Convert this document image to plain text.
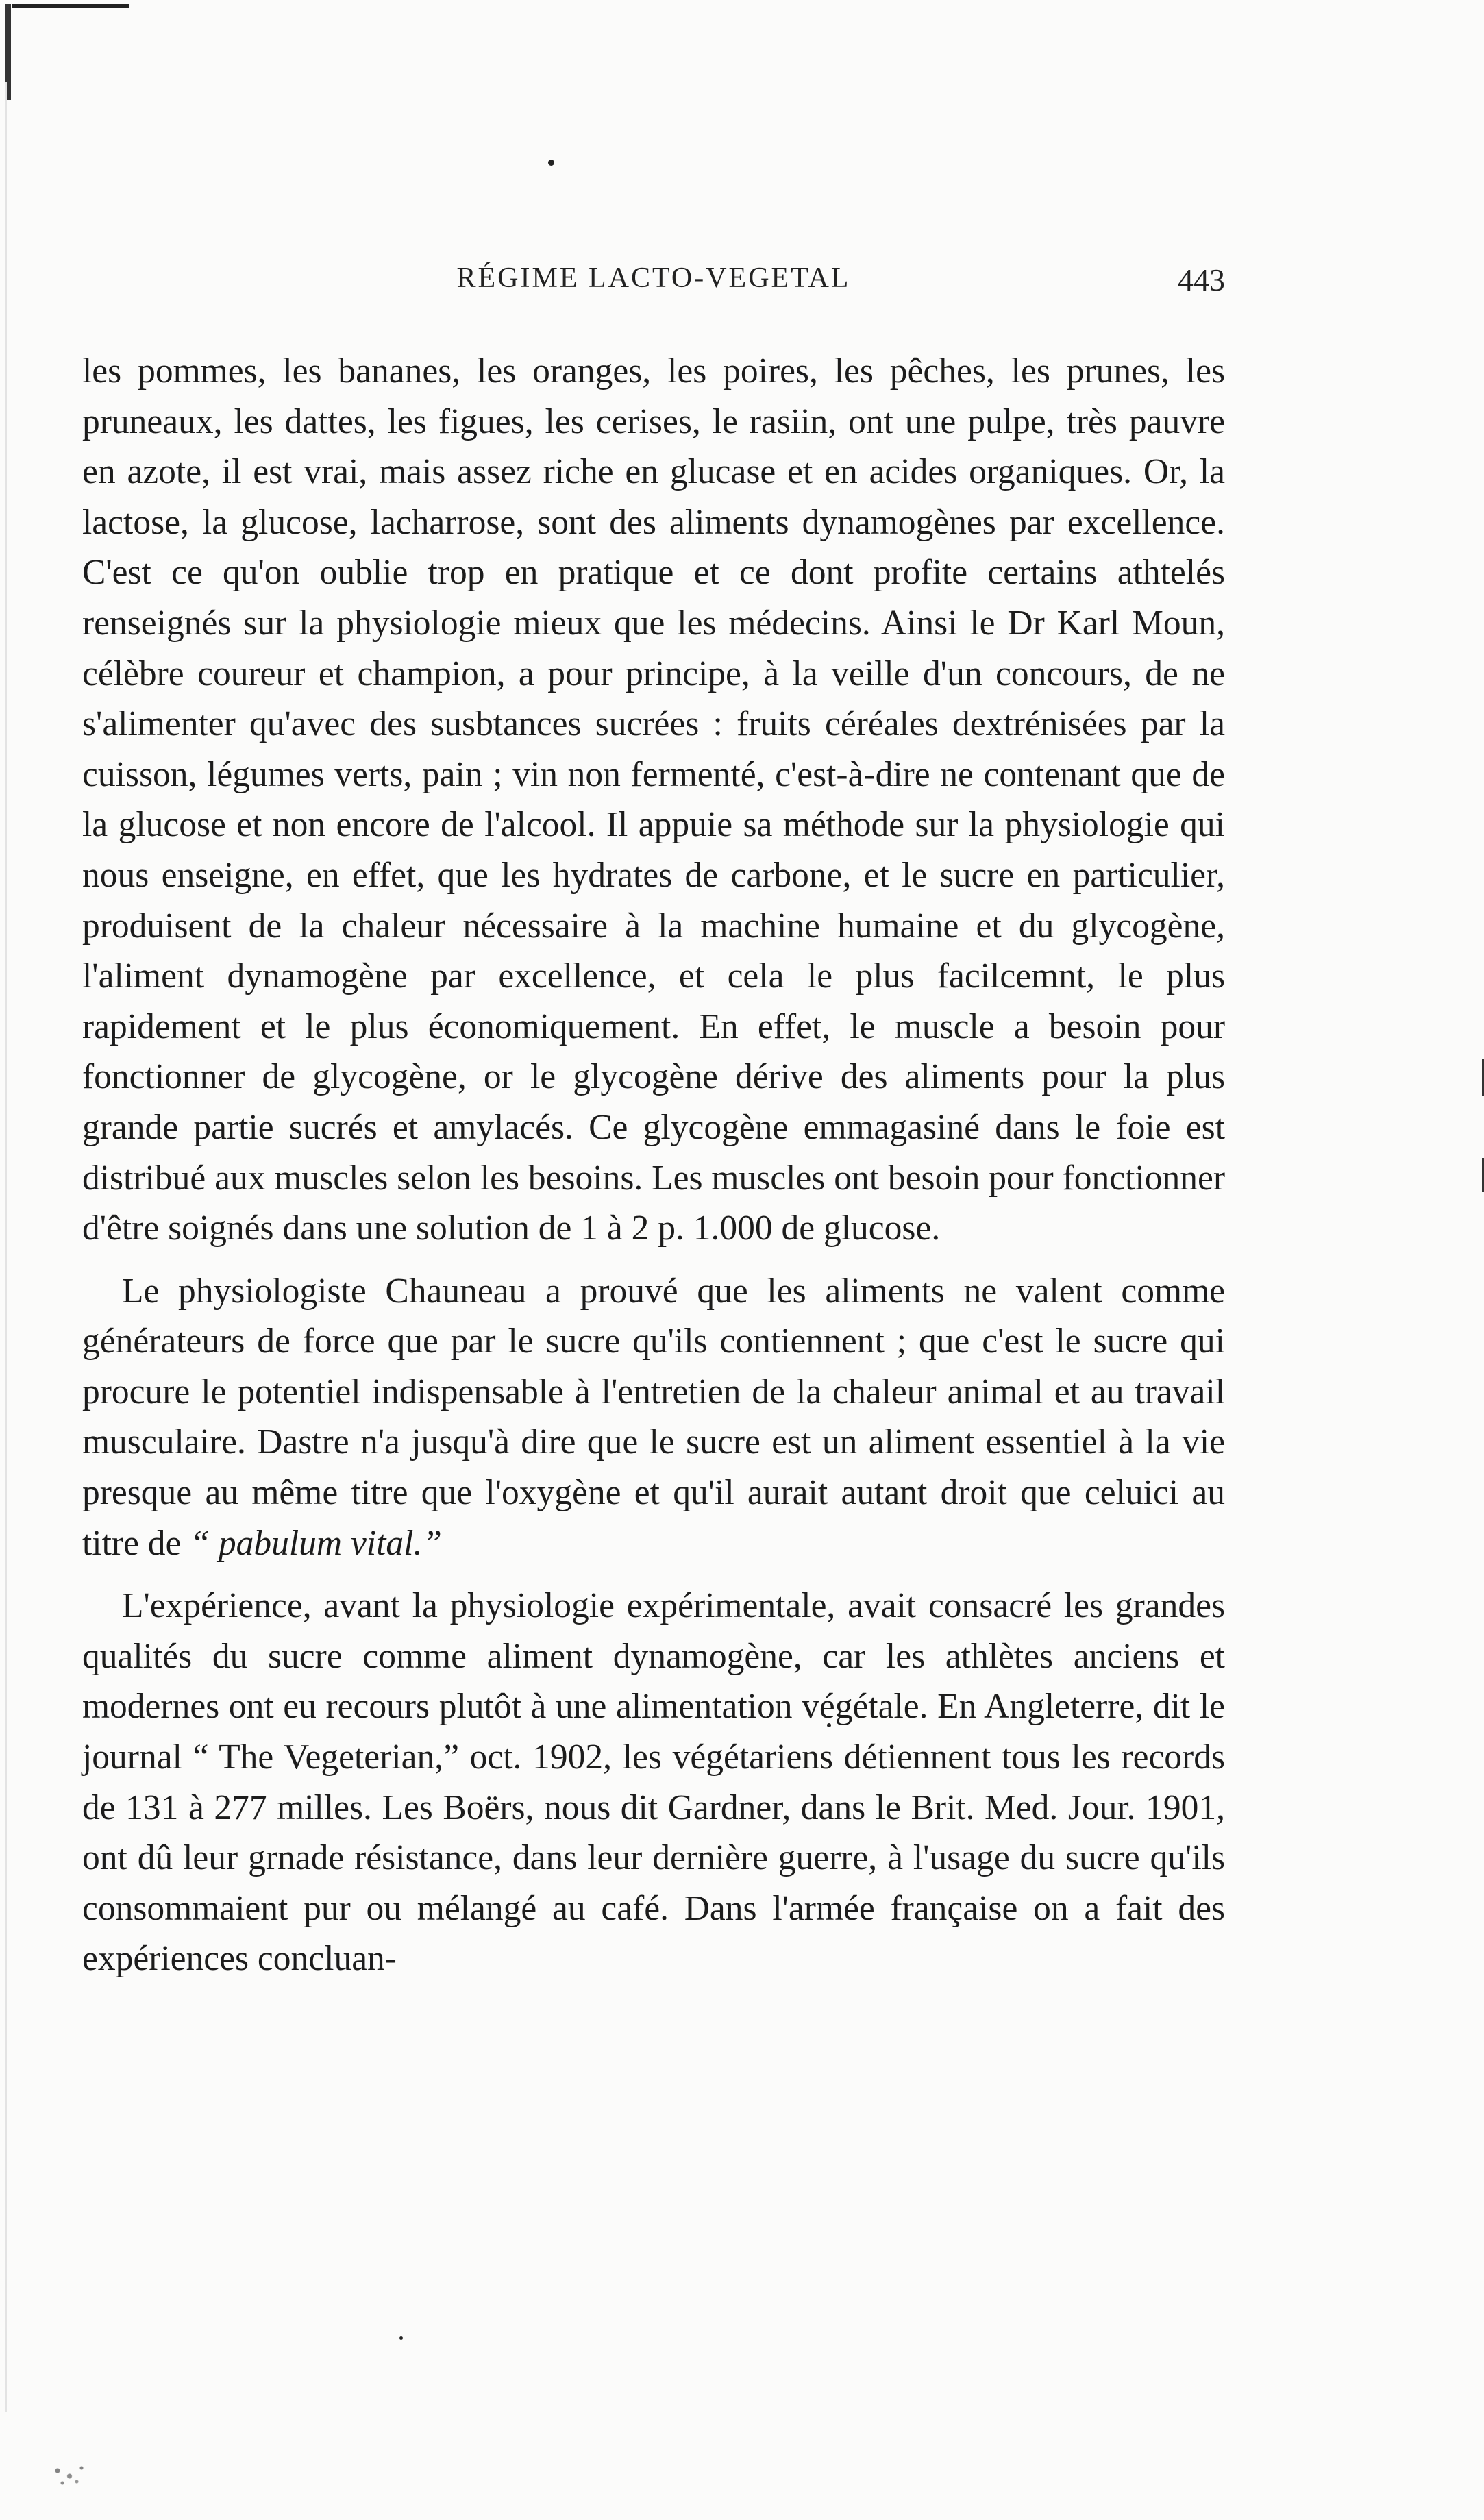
RÉGIME LACTO-VEGETAL	443

les pommes, les bananes, les oranges, les poires, les pêches, les prunes, les pruneaux, les dattes, les figues, les cerises, le rasiin, ont une pulpe, très pauvre en azote, il est vrai, mais assez riche en glucase et en acides organiques. Or, la lactose, la glucose, lacharrose, sont des aliments dynamogènes par excellence. C'est ce qu'on oublie trop en pratique et ce dont profite certains athtelés renseignés sur la physiologie mieux que les médecins. Ainsi le Dr Karl Moun, célèbre coureur et champion, a pour principe, à la veille d'un concours, de ne s'alimenter qu'avec des susbtances sucrées : fruits céréales dextrénisées par la cuisson, légumes verts, pain ; vin non fermenté, c'est-à-dire ne contenant que de la glucose et non encore de l'alcool. Il appuie sa méthode sur la physiologie qui nous enseigne, en effet, que les hydrates de carbone, et le sucre en particulier, produisent de la chaleur nécessaire à la machine humaine et du glycogène, l'aliment dynamogène par excellence, et cela le plus facilcemnt, le plus rapidement et le plus économiquement. En effet, le muscle a besoin pour fonctionner de glycogène, or le glycogène dérive des aliments pour la plus grande partie sucrés et amylacés. Ce glycogène emmagasiné dans le foie est distribué aux muscles selon les besoins. Les muscles ont besoin pour fonctionner d'être soignés dans une solution de 1 à 2 p. 1.000 de glucose.

Le physiologiste Chauneau a prouvé que les aliments ne valent comme générateurs de force que par le sucre qu'ils contiennent ; que c'est le sucre qui procure le potentiel indispensable à l'entretien de la chaleur animal et au travail musculaire. Dastre n'a jusqu'à dire que le sucre est un aliment essentiel à la vie presque au même titre que l'oxygène et qu'il aurait autant droit que celuici au titre de “ pabulum vital.”

L'expérience, avant la physiologie expérimentale, avait consacré les grandes qualités du sucre comme aliment dynamogène, car les athlètes anciens et modernes ont eu recours plutôt à une alimentation végétale. En Angleterre, dit le journal “ The Vegeterian,” oct. 1902, les végétariens détiennent tous les records de 131 à 277 milles. Les Boërs, nous dit Gardner, dans le Brit. Med. Jour. 1901, ont dû leur grnade résistance, dans leur dernière guerre, à l'usage du sucre qu'ils consommaient pur ou mélangé au café. Dans l'armée française on a fait des expériences concluan-
